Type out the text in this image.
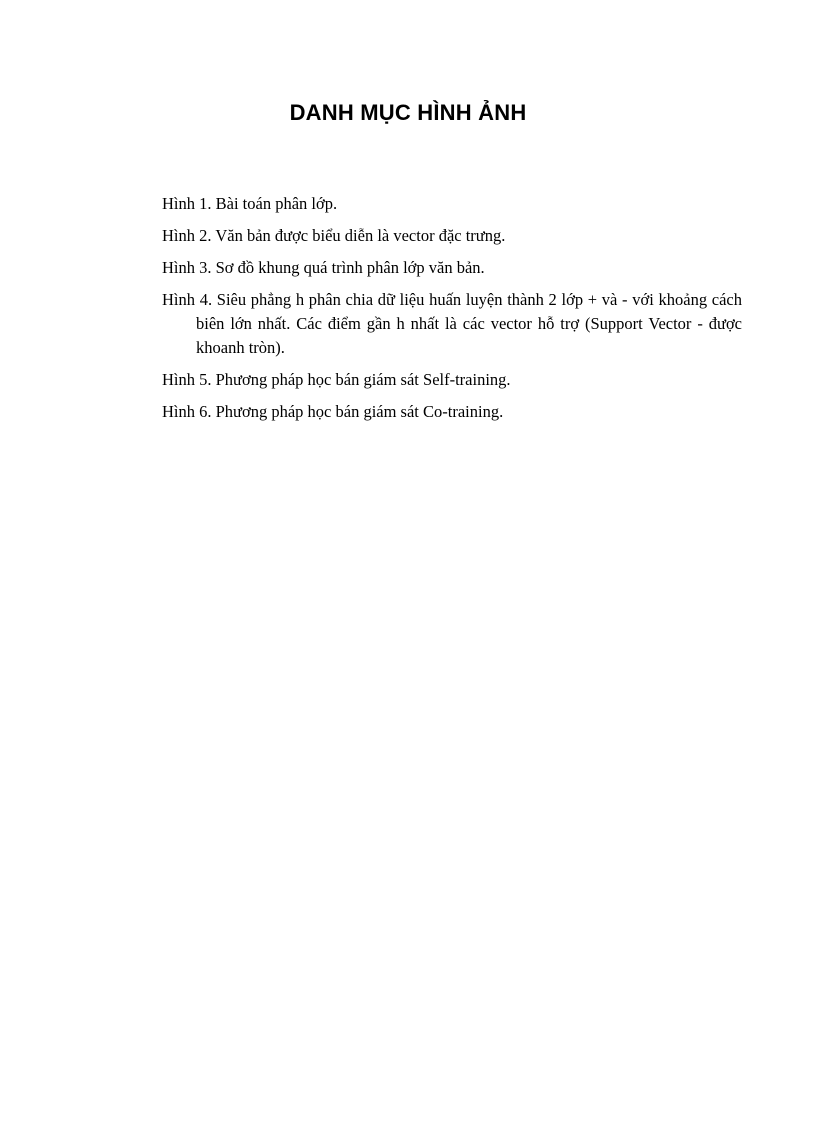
DANH MỤC HÌNH ẢNH

Hình 1. Bài toán phân lớp.

Hình 2. Văn bản được biểu diễn là vector đặc trưng.

Hình 3. Sơ đồ khung quá trình phân lớp văn bản.

Hình 4. Siêu phẳng h phân chia dữ liệu huấn luyện thành 2 lớp + và - với khoảng cách biên lớn nhất. Các điểm gần h nhất là các vector hỗ trợ (Support Vector - được khoanh tròn).

Hình 5. Phương pháp học bán giám sát Self-training.

Hình 6. Phương pháp học bán giám sát Co-training.
